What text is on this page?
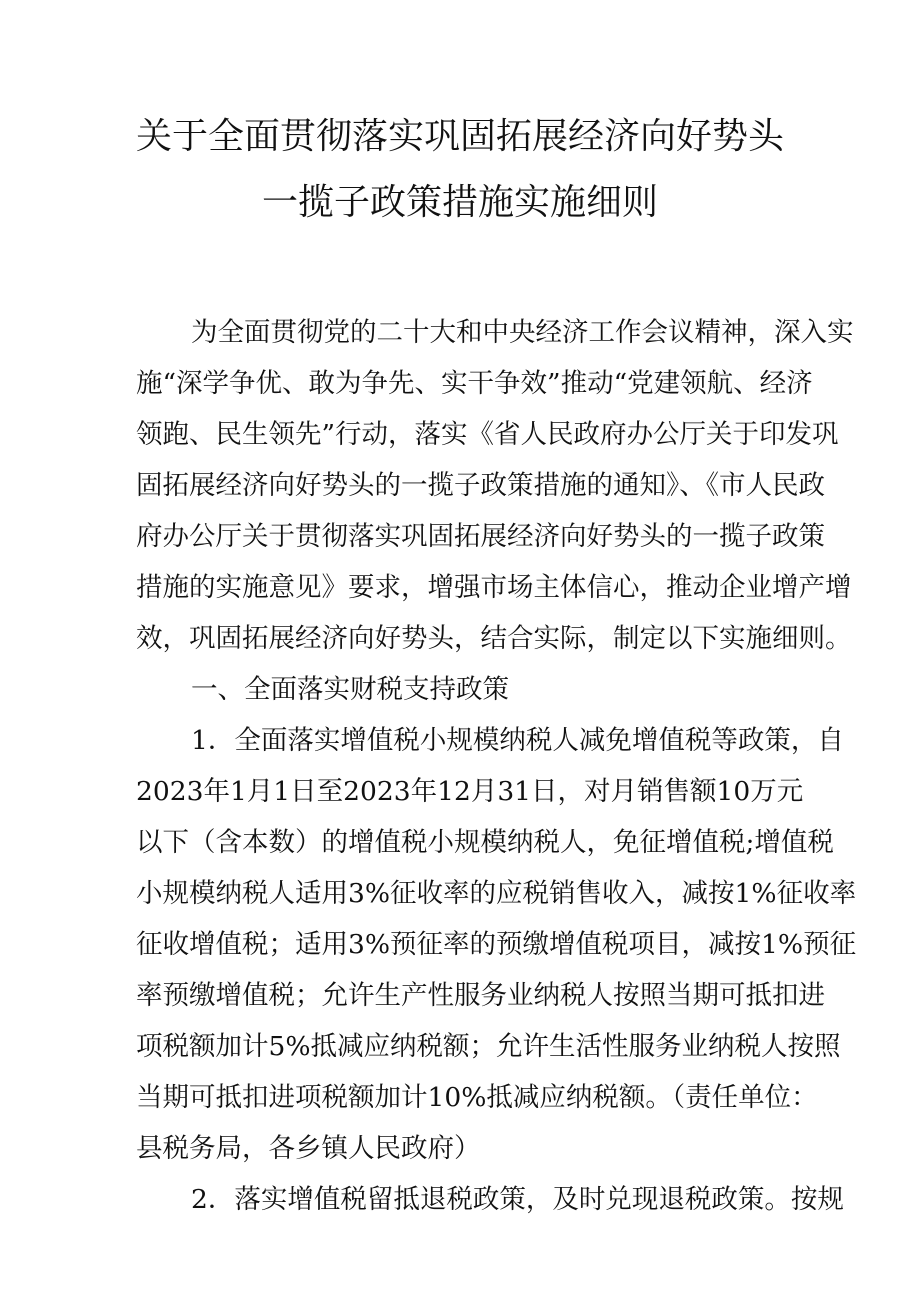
关于全面贯彻落实巩固拓展经济向好势头
一揽子政策措施实施细则
为全面贯彻党的二十大和中央经济工作会议精神，深入实
施“深学争优、敢为争先、实干争效”推动“党建领航、经济
领跑、民生领先”行动，落实《省人民政府办公厅关于印发巩
固拓展经济向好势头的一揽子政策措施的通知》、《市人民政
府办公厅关于贯彻落实巩固拓展经济向好势头的一揽子政策
措施的实施意见》要求，增强市场主体信心，推动企业增产增
效，巩固拓展经济向好势头，结合实际，制定以下实施细则。
一、全面落实财税支持政策
1．全面落实增值税小规模纳税人减免增值税等政策，自
2023年1月1日至2023年12月31日，对月销售额10万元
以下（含本数）的增值税小规模纳税人，免征增值税;增值税
小规模纳税人适用3%征收率的应税销售收入，减按1%征收率
征收增值税；适用3%预征率的预缴增值税项目，减按1%预征
率预缴增值税；允许生产性服务业纳税人按照当期可抵扣进
项税额加计5%抵减应纳税额；允许生活性服务业纳税人按照
当期可抵扣进项税额加计10%抵减应纳税额。（责任单位：
县税务局，各乡镇人民政府）
2．落实增值税留抵退税政策，及时兑现退税政策。按规
